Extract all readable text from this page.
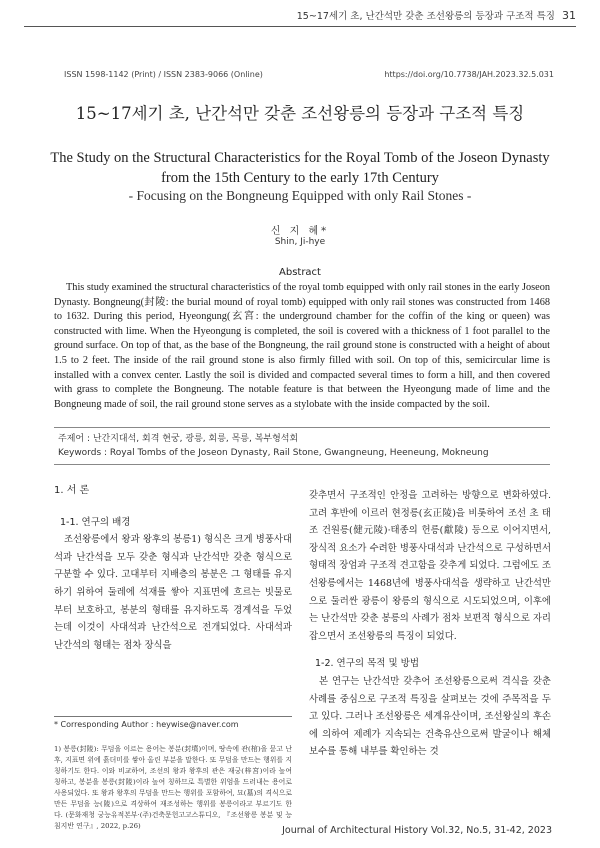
15~17세기 초, 난간석만 갖춘 조선왕릉의 등장과 구조적 특징 31
ISSN 1598-1142 (Print) / ISSN 2383-9066 (Online)	https://doi.org/10.7738/JAH.2023.32.5.031
15~17세기 초, 난간석만 갖춘 조선왕릉의 등장과 구조적 특징
The Study on the Structural Characteristics for the Royal Tomb of the Joseon Dynasty from the 15th Century to the early 17th Century
- Focusing on the Bongneung Equipped with only Rail Stones -
신 지 혜*
Shin, Ji-hye
Abstract
This study examined the structural characteristics of the royal tomb equipped with only rail stones in the early Joseon Dynasty. Bongneung(封陵: the burial mound of royal tomb) equipped with only rail stones was constructed from 1468 to 1632. During this period, Hyeongung(玄宮: the underground chamber for the coffin of the king or queen) was constructed with lime. When the Hyeongung is completed, the soil is covered with a thickness of 1 foot parallel to the ground surface. On top of that, as the base of the Bongneung, the rail ground stone is constructed with a height of about 1.5 to 2 feet. The inside of the rail ground stone is also firmly filled with soil. On top of this, semicircular lime is installed with a convex center. Lastly the soil is divided and compacted several times to form a hill, and then covered with grass to complete the Bongneung. The notable feature is that between the Hyeongung made of lime and the Bongneung made of soil, the rail ground stone serves as a stylobate with the inside compacted by the soil.
주제어 : 난간지대석, 회격 현궁, 광릉, 회릉, 목릉, 복부형석회
Keywords : Royal Tombs of the Joseon Dynasty, Rail Stone, Gwangneung, Heeneung, Mokneung
1. 서 론
1-1. 연구의 배경
조선왕릉에서 왕과 왕후의 봉릉1) 형식은 크게 병풍사대석과 난간석을 모두 갖춘 형식과 난간석만 갖춘 형식으로 구분할 수 있다. 고대부터 지배층의 봉분은 그 형태를 유지하기 위하여 둘레에 석재를 쌓아 지표면에 흐르는 빗물로부터 보호하고, 봉분의 형태를 유지하도록 경계석을 두었는데 이것이 사대석과 난간석으로 전개되었다. 사대석과 난간석의 형태는 점차 장식을
갖추면서 구조적인 안정을 고려하는 방향으로 변화하였다. 고려 후반에 이르러 현정릉(玄正陵)을 비롯하여 조선 초 태조 건원릉(健元陵)·태종의 헌릉(獻陵) 등으로 이어지면서, 장식적 요소가 수려한 병풍사대석과 난간석으로 구성하면서 형태적 장엄과 구조적 견고함을 갖추게 되었다. 그럼에도 조선왕릉에서는 1468년에 병풍사대석을 생략하고 난간석만으로 둘러싼 광릉이 왕릉의 형식으로 시도되었으며, 이후에는 난간석만 갖춘 봉릉의 사례가 점차 보편적 형식으로 자리 잡으면서 조선왕릉의 특징이 되었다.
1-2. 연구의 목적 및 방법
본 연구는 난간석만 갖추어 조선왕릉으로써 격식을 갖춘 사례를 중심으로 구조적 특징을 살펴보는 것에 주목적을 두고 있다. 그러나 조선왕릉은 세계유산이며, 조선왕실의 후손에 의하여 제례가 지속되는 건축유산으로써 발굴이나 해체보수를 통해 내부를 확인하는 것
* Corresponding Author : heywise@naver.com
1) 봉릉(封陵): 무덤을 이르는 용어는 봉분(封墳)이며, 땅속에 관(棺)을 묻고 난 후, 지표면 위에 흙더미를 쌓아 올린 부분을 말한다. 또 무덤을 만드는 행위를 지칭하기도 한다. 이와 비교하여, 조선의 왕과 왕후의 관은 재궁(梓宮)이라 높여 칭하고, 봉분을 봉릉(封陵)이라 높여 칭하므로 특별한 위엄을 드러내는 용어로 사용되었다. 또 왕과 왕후의 무덤을 만드는 행위를 포함하여, 묘(墓)의 격식으로 만든 무덤을 능(陵)으로 격상하여 재조성하는 행위를 봉릉이라고 부르기도 한다. (문화재청 궁능유적본부·(주)건축문헌고고스튜디오, 『조선왕릉 봉분 및 능침지반 연구』, 2022, p.26)	Journal of Architectural History Vol.32, No.5, 31-42, 2023
